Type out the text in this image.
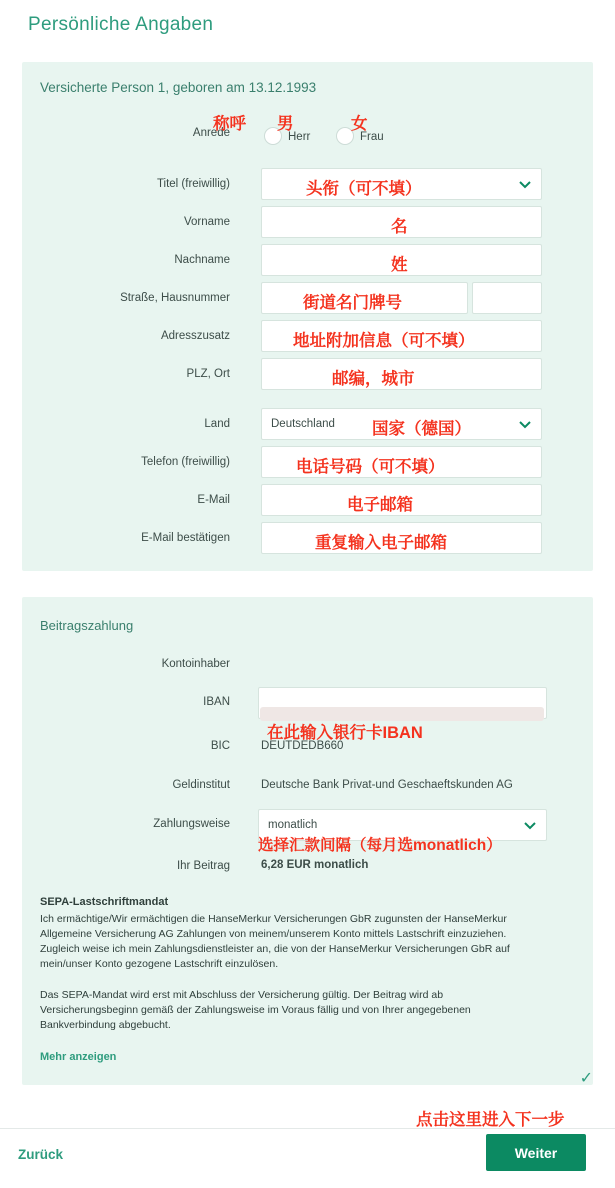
Persönliche Angaben
Versicherte Person 1, geboren am 13.12.1993
Anrede
称呼
Herr
男
Frau
女
Titel (freiwillig)	头衔（可不填）
Vorname	名
Nachname	姓
Straße, Hausnummer	街道名门牌号
Adresszusatz	地址附加信息（可不填）
PLZ, Ort	邮编，城市
Land	Deutschland 国家（德国）
Telefon (freiwillig)	电话号码（可不填）
E-Mail	电子邮箱
E-Mail bestätigen	重复输入电子邮箱
Beitragszahlung
Kontoinhaber
IBAN
在此输入银行卡IBAN
BIC	DEUTDEDB660
Geldinstitut	Deutsche Bank Privat-und Geschaeftskunden AG
Zahlungsweise	monatlich
选择汇款间隔（每月选monatlich）
Ihr Beitrag	6,28 EUR monatlich
SEPA-Lastschriftmandat
Ich ermächtige/Wir ermächtigen die HanseMerkur Versicherungen GbR zugunsten der HanseMerkur Allgemeine Versicherung AG Zahlungen von meinem/unserem Konto mittels Lastschrift einzuziehen. Zugleich weise ich mein Zahlungsdienstleister an, die von der HanseMerkur Versicherungen GbR auf mein/unser Konto gezogene Lastschrift einzulösen.
Das SEPA-Mandat wird erst mit Abschluss der Versicherung gültig. Der Beitrag wird ab Versicherungsbeginn gemäß der Zahlungsweise im Voraus fällig und von Ihrer angegebenen Bankverbindung abgebucht.
Mehr anzeigen
✓
点击这里进入下一步
Zurück	Weiter
